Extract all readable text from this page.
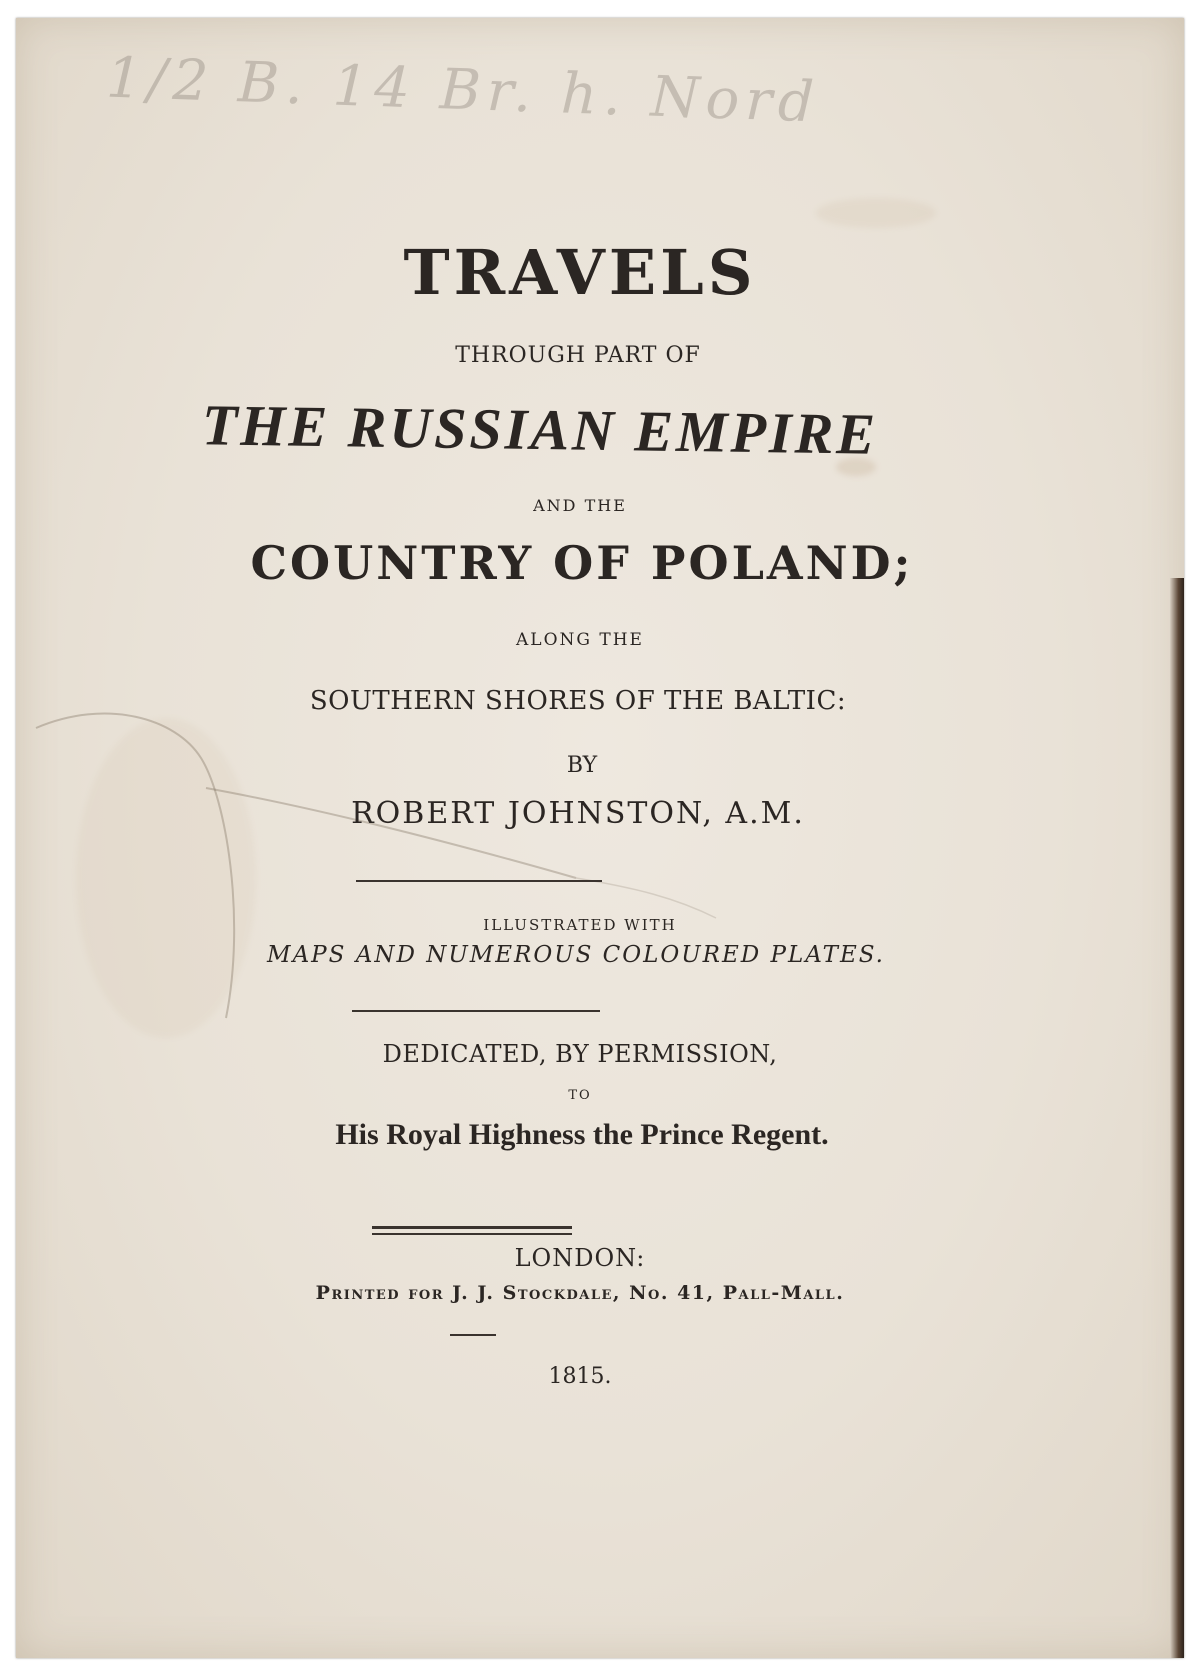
1/2 B. 14 Br. h. Nord
TRAVELS
THROUGH PART OF
THE RUSSIAN EMPIRE
AND THE
COUNTRY OF POLAND;
ALONG THE
SOUTHERN SHORES OF THE BALTIC:
BY
ROBERT JOHNSTON, A.M.
ILLUSTRATED WITH
MAPS AND NUMEROUS COLOURED PLATES.
DEDICATED, BY PERMISSION,
TO
His Royal Highness the Prince Regent.
LONDON:
Printed for J. J. Stockdale, No. 41, Pall-Mall.
1815.
